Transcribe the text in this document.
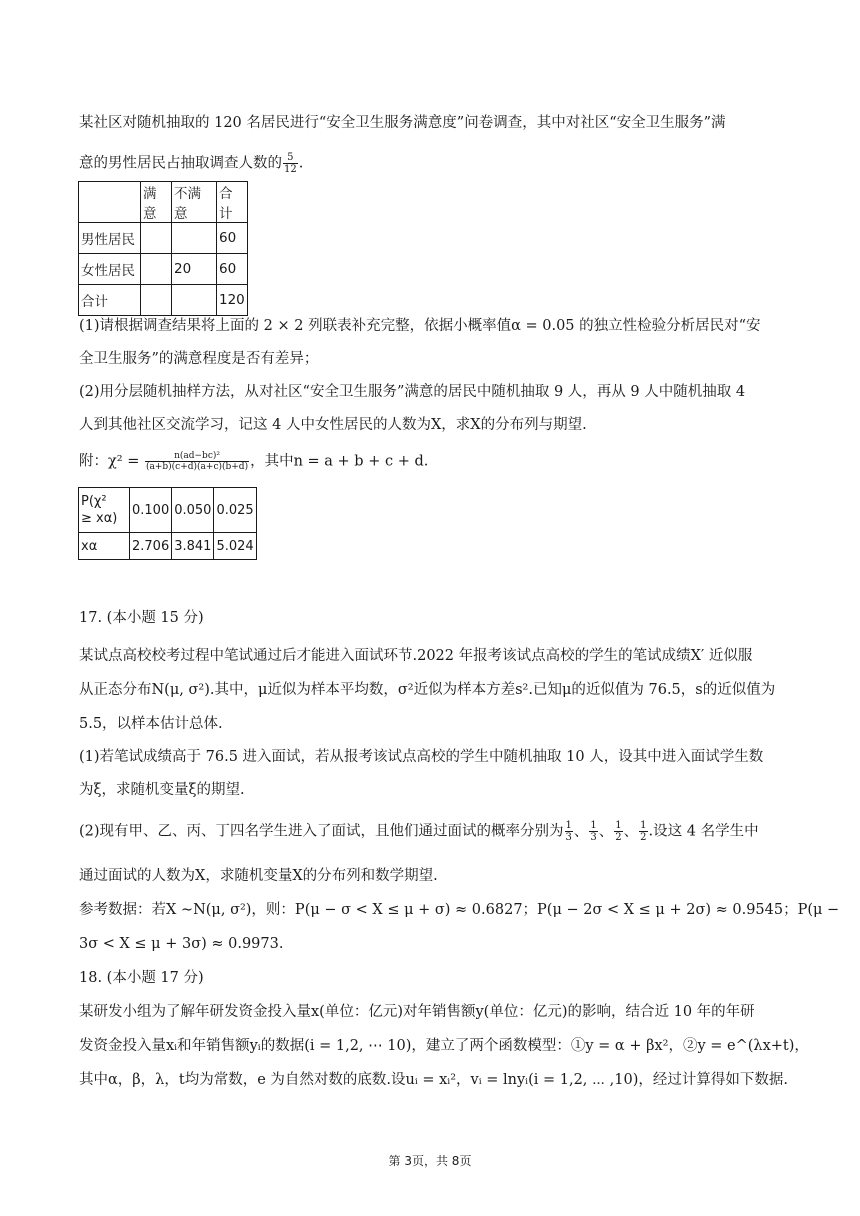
某社区对随机抽取的 120 名居民进行“安全卫生服务满意度”问卷调查，其中对社区“安全卫生服务”满
意的男性居民占抽取调查人数的 $\frac{5}{12}$ .
	满意	不满意	合计
男性居民			60
女性居民		20	60
合计			120
(1)请根据调查结果将上面的 2 × 2 列联表补充完整，依据小概率值α = 0.05 的独立性检验分析居民对“安
全卫生服务”的满意程度是否有差异；
(2)用分层随机抽样方法，从对社区“安全卫生服务”满意的居民中随机抽取 9 人，再从 9 人中随机抽取 4
人到其他社区交流学习，记这 4 人中女性居民的人数为X，求X的分布列与期望.
附：$\chi^2 = \frac{\text{n(ad−bc)²}}{(a+b)(c+d)(a+c)(b+d)}$ ，其中n = a + b + c + d.
P(χ²
≥ xα)	0.100	0.050	0.025
xα	2.706	3.841	5.024
17. (本小题 15 分)
某试点高校校考过程中笔试通过后才能进入面试环节.2022 年报考该试点高校的学生的笔试成绩X′ 近似服
从正态分布N(μ, σ²).其中，μ近似为样本平均数，σ²近似为样本方差s².已知μ的近似值为 76.5，s的近似值为
5.5，以样本估计总体.
(1)若笔试成绩高于 76.5 进入面试，若从报考该试点高校的学生中随机抽取 10 人，设其中进入面试学生数
为ξ，求随机变量ξ的期望.
(2)现有甲、乙、丙、丁四名学生进入了面试，且他们通过面试的概率分别为 $\frac{1}{3}$ 、 $\frac{1}{3}$ 、 $\frac{1}{2}$ 、 $\frac{1}{2}$ .设这 4 名学生中
通过面试的人数为X，求随机变量X的分布列和数学期望.
参考数据：若X ∼N(μ, σ²)，则：P(μ − σ < X ≤ μ + σ) ≈ 0.6827；P(μ − 2σ < X ≤ μ + 2σ) ≈ 0.9545；P(μ −
3σ < X ≤ μ + 3σ) ≈ 0.9973.
18. (本小题 17 分)
某研发小组为了解年研发资金投入量x(单位：亿元)对年销售额y(单位：亿元)的影响，结合近 10 年的年研
发资金投入量xᵢ和年销售额yᵢ的数据(i = 1,2, ⋯ 10)，建立了两个函数模型：①y = α + βx²，②y = e^(λx+t)，
其中α，β，λ，t均为常数，e 为自然对数的底数.设uᵢ = xᵢ²，vᵢ = lnyᵢ(i = 1,2, ⋯ ,10)，经过计算得如下数据.
第 3页，共 8页
